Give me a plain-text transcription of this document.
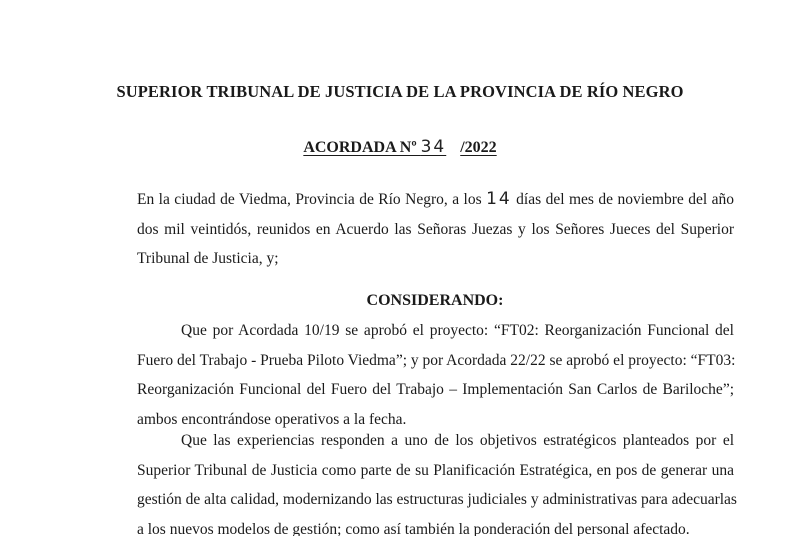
SUPERIOR TRIBUNAL DE JUSTICIA DE LA PROVINCIA DE RÍO NEGRO
ACORDADA Nº 34 /2022
En la ciudad de Viedma, Provincia de Río Negro, a los 14 días del mes de noviembre del año
dos mil veintidós, reunidos en Acuerdo las Señoras Juezas y los Señores Jueces del Superior
Tribunal de Justicia, y;
CONSIDERANDO:
Que por Acordada 10/19 se aprobó el proyecto: “FT02: Reorganización Funcional del
Fuero del Trabajo - Prueba Piloto Viedma”; y por Acordada 22/22 se aprobó el proyecto: “FT03:
Reorganización Funcional del Fuero del Trabajo – Implementación San Carlos de Bariloche”;
ambos encontrándose operativos a la fecha.
Que las experiencias responden a uno de los objetivos estratégicos planteados por el
Superior Tribunal de Justicia como parte de su Planificación Estratégica, en pos de generar una
gestión de alta calidad, modernizando las estructuras judiciales y administrativas para adecuarlas
a los nuevos modelos de gestión; como así también la ponderación del personal afectado.
